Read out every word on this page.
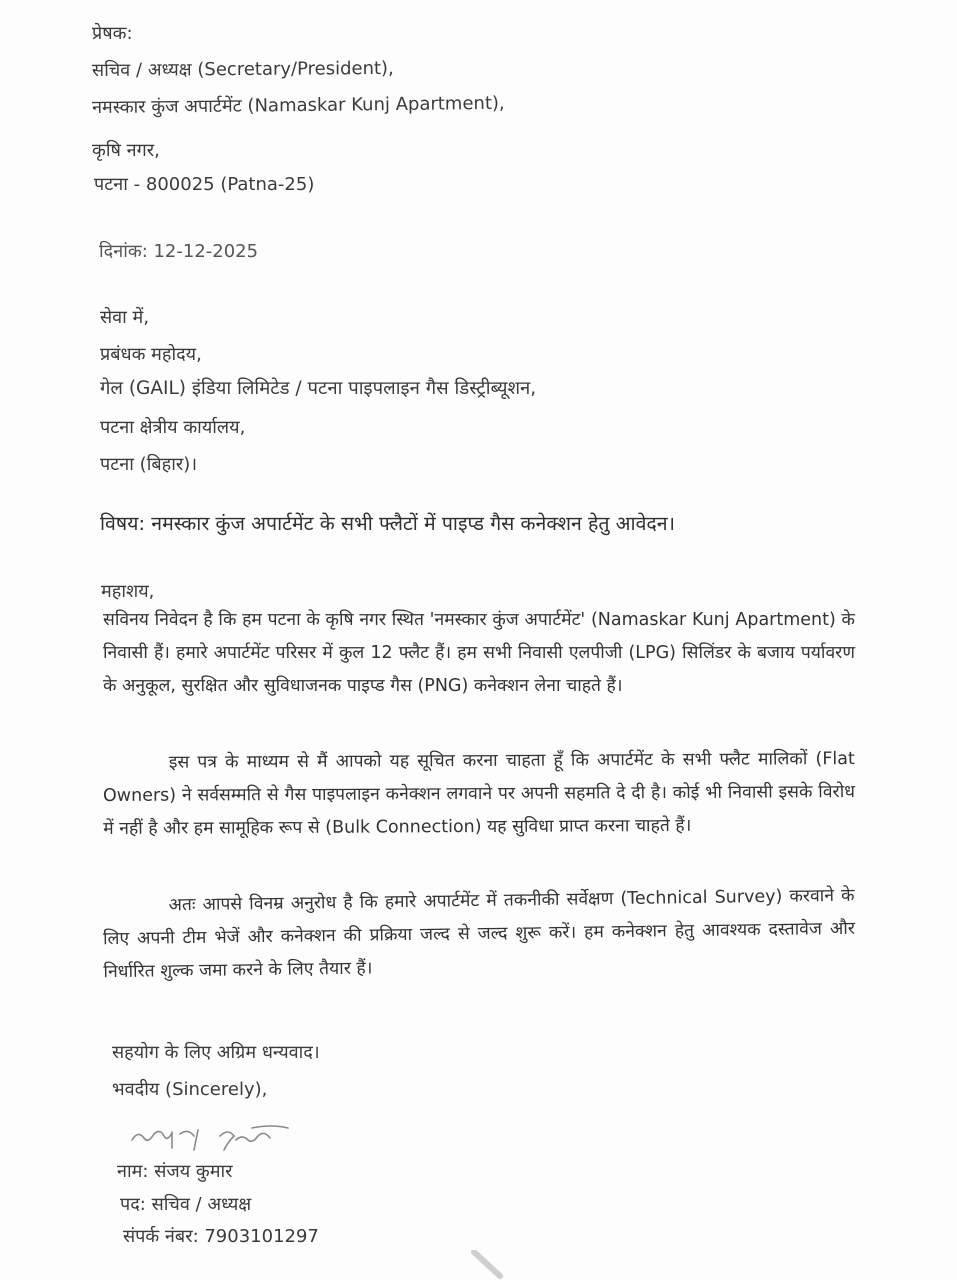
प्रेषक:
सचिव / अध्यक्ष (Secretary/President),
नमस्कार कुंज अपार्टमेंट (Namaskar Kunj Apartment),
कृषि नगर,
पटना - 800025 (Patna-25)
दिनांक: 12-12-2025
सेवा में,
प्रबंधक महोदय,
गेल (GAIL) इंडिया लिमिटेड / पटना पाइपलाइन गैस डिस्ट्रीब्यूशन,
पटना क्षेत्रीय कार्यालय,
पटना (बिहार)।
विषय: नमस्कार कुंज अपार्टमेंट के सभी फ्लैटों में पाइप्ड गैस कनेक्शन हेतु आवेदन।
महाशय,
सविनय निवेदन है कि हम पटना के कृषि नगर स्थित 'नमस्कार कुंज अपार्टमेंट' (Namaskar Kunj Apartment) के निवासी हैं। हमारे अपार्टमेंट परिसर में कुल 12 फ्लैट हैं। हम सभी निवासी एलपीजी (LPG) सिलिंडर के बजाय पर्यावरण के अनुकूल, सुरक्षित और सुविधाजनक पाइप्ड गैस (PNG) कनेक्शन लेना चाहते हैं।
इस पत्र के माध्यम से मैं आपको यह सूचित करना चाहता हूँ कि अपार्टमेंट के सभी फ्लैट मालिकों (Flat Owners) ने सर्वसम्मति से गैस पाइपलाइन कनेक्शन लगवाने पर अपनी सहमति दे दी है। कोई भी निवासी इसके विरोध में नहीं है और हम सामूहिक रूप से (Bulk Connection) यह सुविधा प्राप्त करना चाहते हैं।
अतः आपसे विनम्र अनुरोध है कि हमारे अपार्टमेंट में तकनीकी सर्वेक्षण (Technical Survey) करवाने के लिए अपनी टीम भेजें और कनेक्शन की प्रक्रिया जल्द से जल्द शुरू करें। हम कनेक्शन हेतु आवश्यक दस्तावेज और निर्धारित शुल्क जमा करने के लिए तैयार हैं।
सहयोग के लिए अग्रिम धन्यवाद।
भवदीय (Sincerely),
नाम: संजय कुमार
पद: सचिव / अध्यक्ष
संपर्क नंबर: 7903101297
